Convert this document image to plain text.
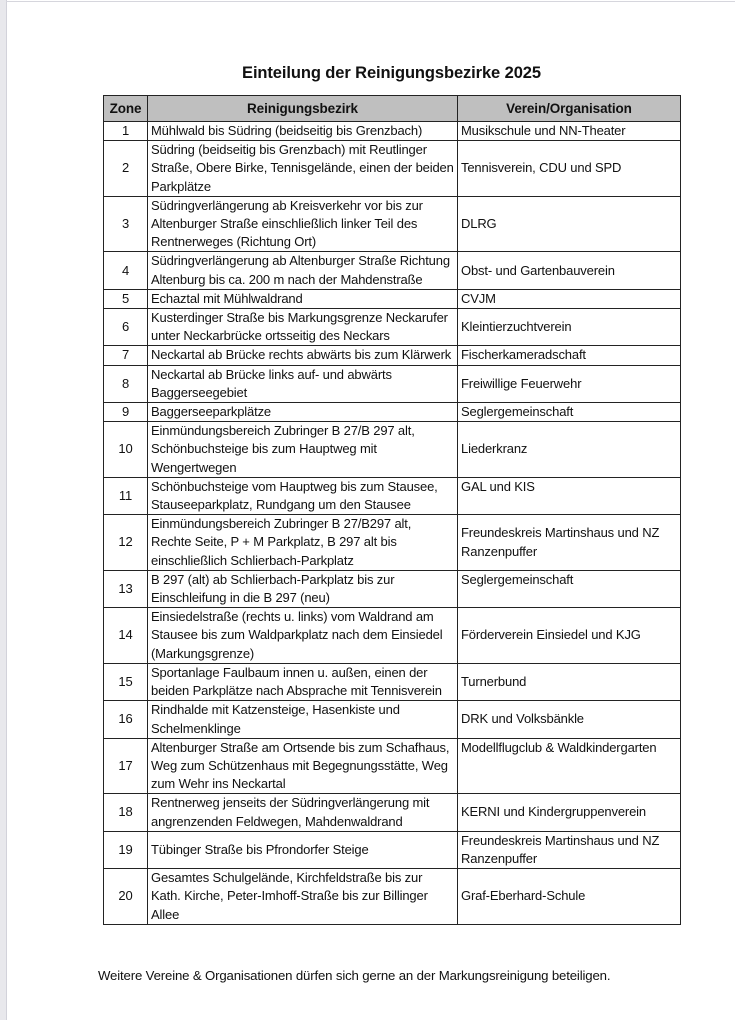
Einteilung der Reinigungsbezirke 2025
Zone	Reinigungsbezirk	Verein/Organisation
1	Mühlwald bis Südring (beidseitig bis Grenzbach)	Musikschule und NN-Theater
2	Südring (beidseitig bis Grenzbach) mit Reutlinger Straße, Obere Birke, Tennisgelände, einen der beiden Parkplätze	Tennisverein, CDU und SPD
3	Südringverlängerung ab Kreisverkehr vor bis zur Altenburger Straße einschließlich linker Teil des Rentnerweges (Richtung Ort)	DLRG
4	Südringverlängerung ab Altenburger Straße Richtung Altenburg bis ca. 200 m nach der Mahdenstraße	Obst- und Gartenbauverein
5	Echaztal mit Mühlwaldrand	CVJM
6	Kusterdinger Straße bis Markungsgrenze Neckarufer unter Neckarbrücke ortsseitig des Neckars	Kleintierzuchtverein
7	Neckartal ab Brücke rechts abwärts bis zum Klärwerk	Fischerkameradschaft
8	Neckartal ab Brücke links auf- und abwärts Baggerseegebiet	Freiwillige Feuerwehr
9	Baggerseeparkplätze	Seglergemeinschaft
10	Einmündungsbereich Zubringer B 27/B 297 alt, Schönbuchsteige bis zum Hauptweg mit Wengertwegen	Liederkranz
11	Schönbuchsteige vom Hauptweg bis zum Stausee, Stauseeparkplatz, Rundgang um den Stausee	GAL und KIS
12	Einmündungsbereich Zubringer B 27/B297 alt, Rechte Seite, P + M Parkplatz, B 297 alt bis einschließlich Schlierbach-Parkplatz	Freundeskreis Martinshaus und NZ Ranzenpuffer
13	B 297 (alt) ab Schlierbach-Parkplatz bis zur Einschleifung in die B 297 (neu)	Seglergemeinschaft
14	Einsiedelstraße (rechts u. links) vom Waldrand am Stausee bis zum Waldparkplatz nach dem Einsiedel (Markungsgrenze)	Förderverein Einsiedel und KJG
15	Sportanlage Faulbaum innen u. außen, einen der beiden Parkplätze nach Absprache mit Tennisverein	Turnerbund
16	Rindhalde mit Katzensteige, Hasenkiste und Schelmenklinge	DRK und Volksbänkle
17	Altenburger Straße am Ortsende bis zum Schafhaus, Weg zum Schützenhaus mit Begegnungsstätte, Weg zum Wehr ins Neckartal	Modellflugclub & Waldkindergarten
18	Rentnerweg jenseits der Südringverlängerung mit angrenzenden Feldwegen, Mahdenwaldrand	KERNI und Kindergruppenverein
19	Tübinger Straße bis Pfrondorfer Steige	Freundeskreis Martinshaus und NZ Ranzenpuffer
20	Gesamtes Schulgelände, Kirchfeldstraße bis zur Kath. Kirche, Peter-Imhoff-Straße bis zur Billinger Allee	Graf-Eberhard-Schule

Weitere Vereine & Organisationen dürfen sich gerne an der Markungsreinigung beteiligen.
